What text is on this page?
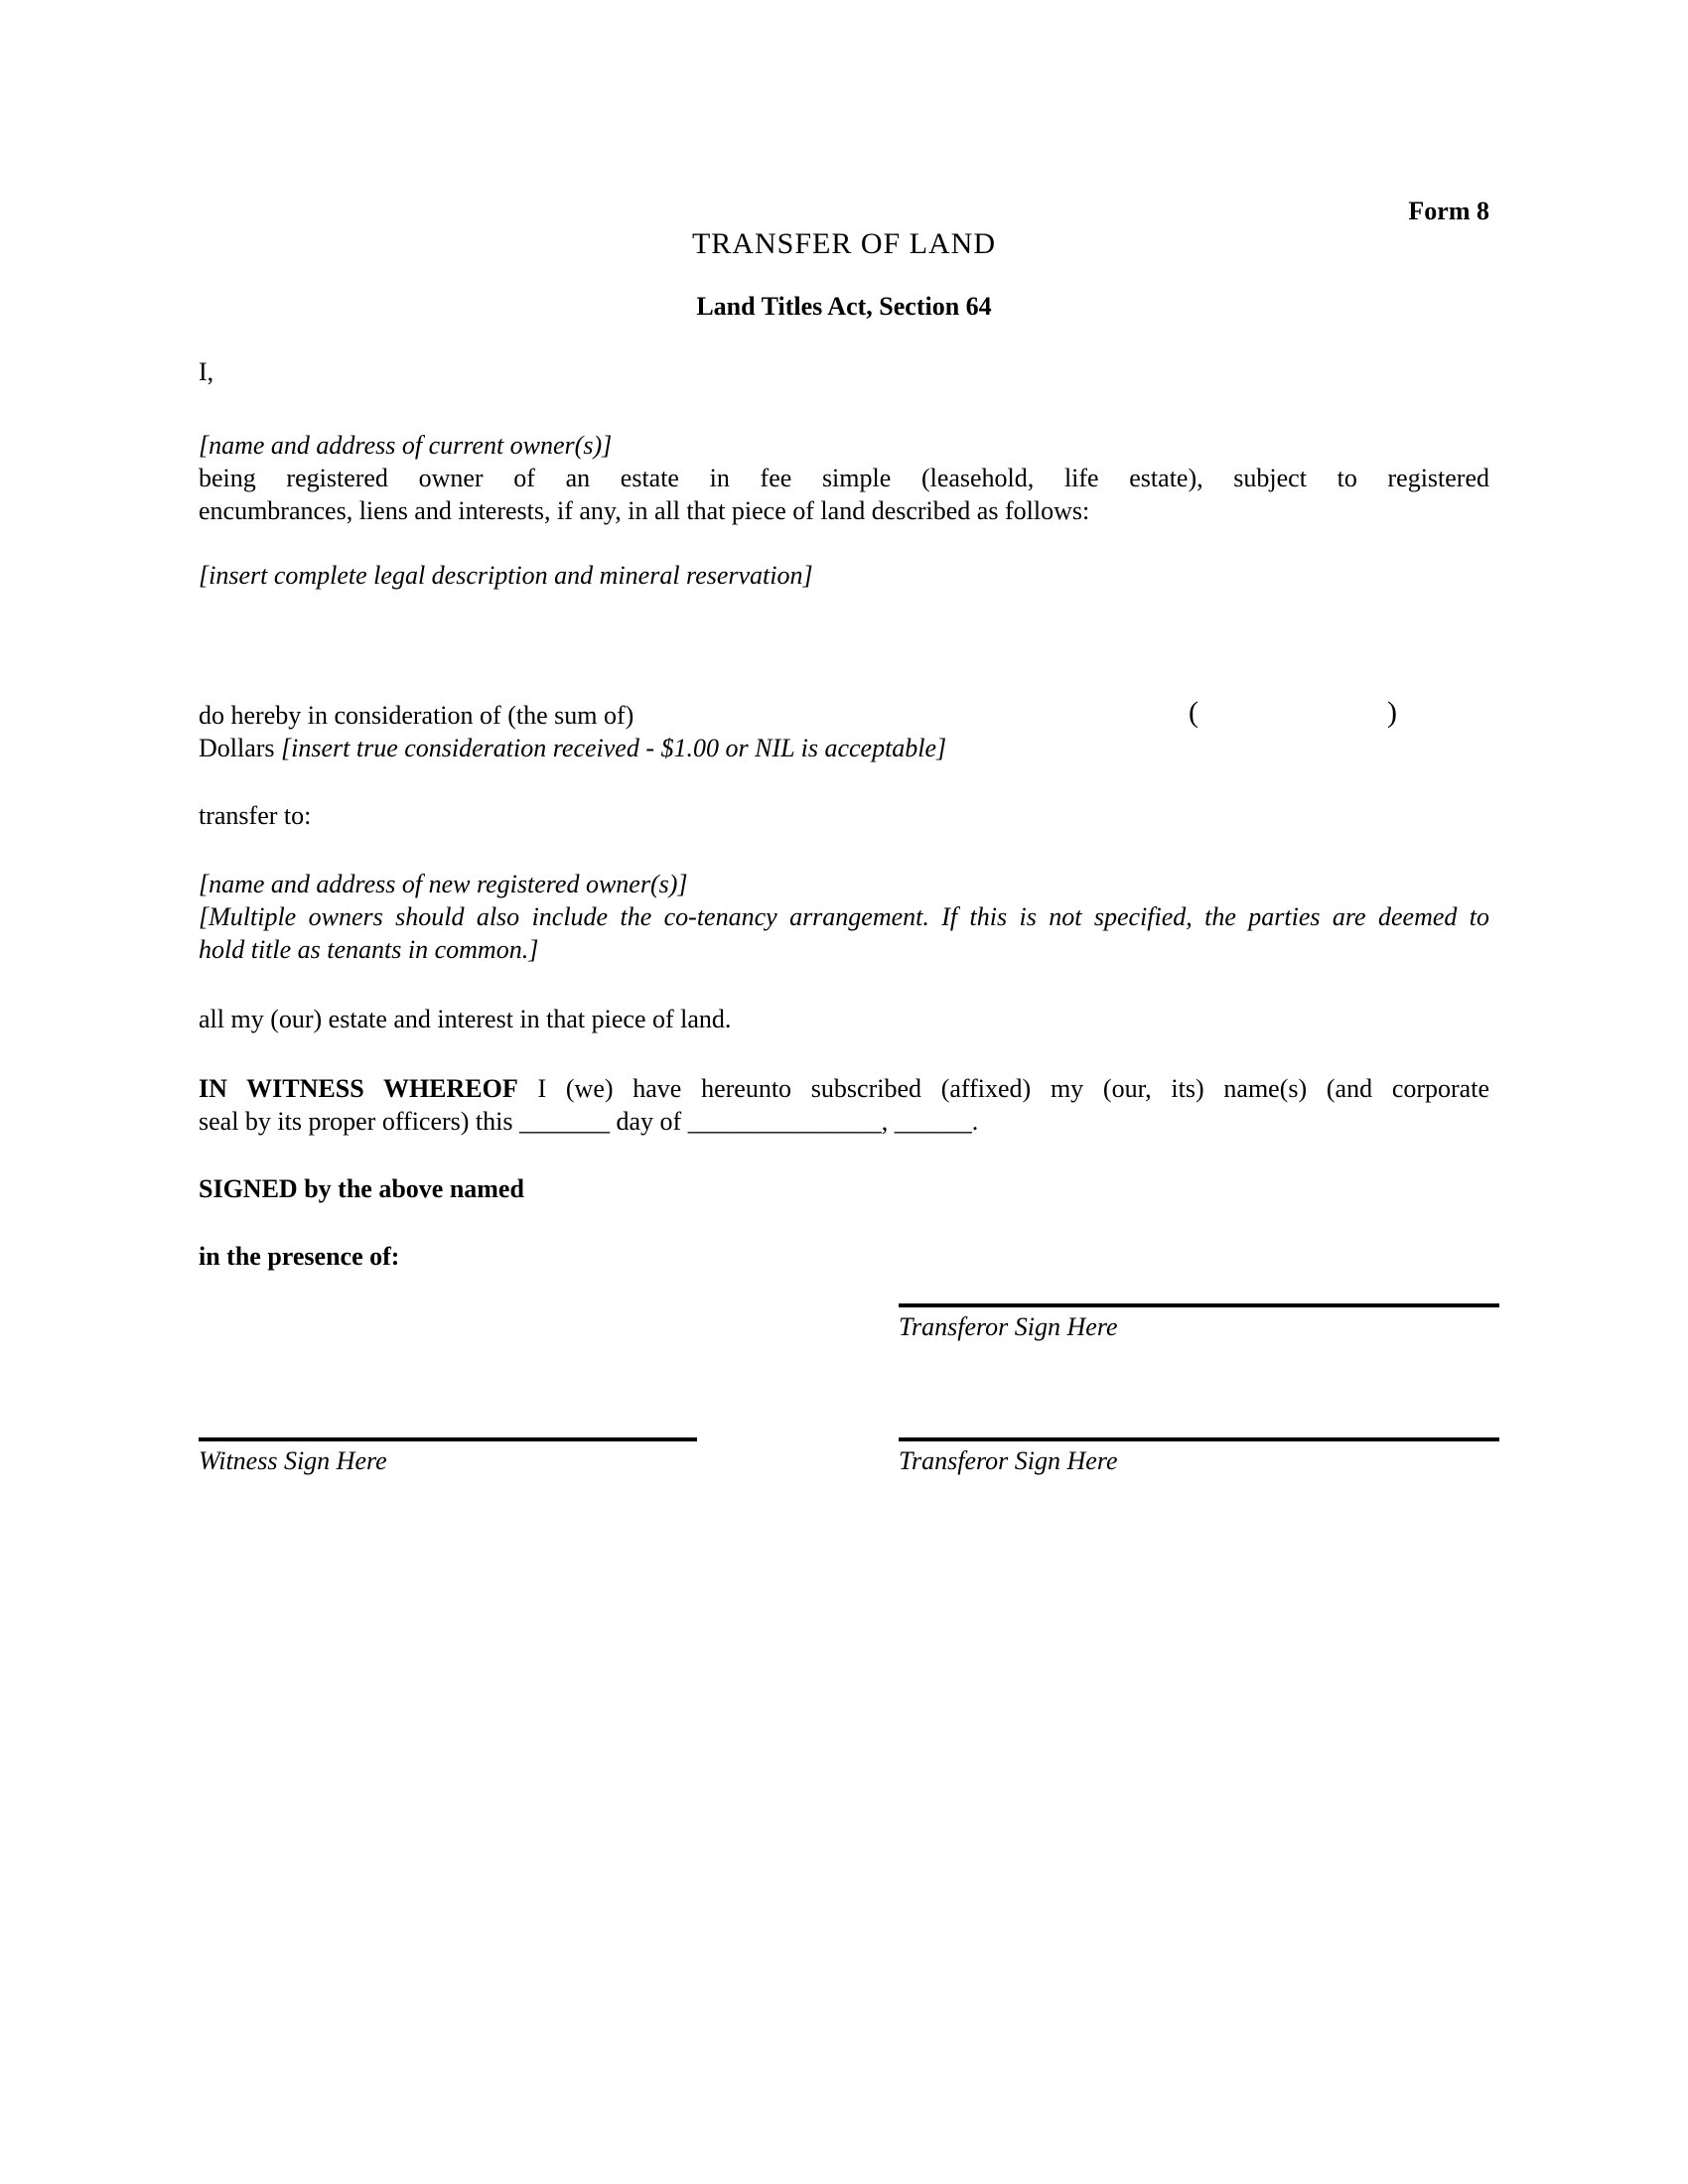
Form 8
TRANSFER OF LAND
Land Titles Act, Section 64
I,
[name and address of current owner(s)]
being registered owner of an estate in fee simple (leasehold, life estate), subject to registered
encumbrances, liens and interests, if any, in all that piece of land described as follows:
[insert complete legal description and mineral reservation]
do hereby in consideration of (the sum of)	(	)
Dollars [insert true consideration received - $1.00 or NIL is acceptable]
transfer to:
[name and address of new registered owner(s)]
[Multiple owners should also include the co-tenancy arrangement. If this is not specified, the parties are deemed to
hold title as tenants in common.]
all my (our) estate and interest in that piece of land.
IN WITNESS WHEREOF I (we) have hereunto subscribed (affixed) my (our, its) name(s) (and corporate
seal by its proper officers) this _______ day of _______________, ______.
SIGNED by the above named
in the presence of:
Transferor Sign Here
Witness Sign Here	Transferor Sign Here
